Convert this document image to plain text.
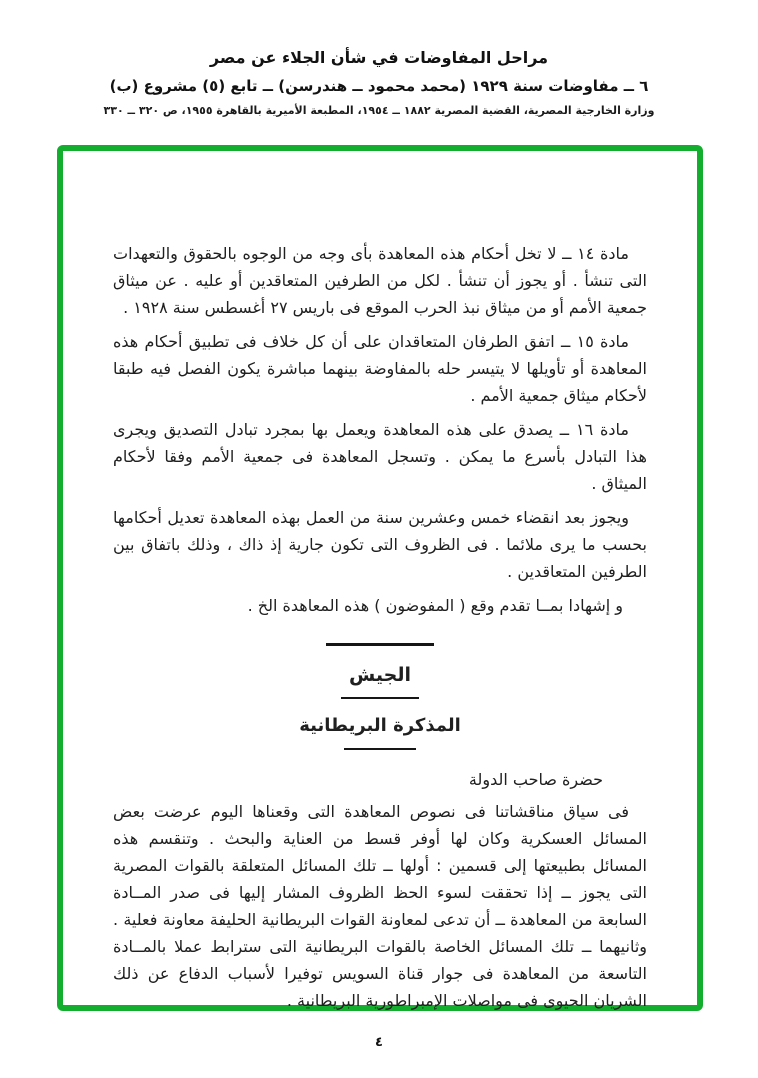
مراحل المفاوضات في شأن الجلاء عن مصر
٦ ــ مفاوضات سنة ١٩٢٩ (محمد محمود ــ هندرسن) ــ تابع (٥) مشروع (ب)
وزارة الخارجية المصرية، القضية المصرية ١٨٨٢ ــ ١٩٥٤، المطبعة الأميرية بالقاهرة ١٩٥٥، ص ٣٢٠ ــ ٣٣٠

مادة ١٤ ــ لا تخل أحكام هذه المعاهدة بأى وجه من الوجوه بالحقوق والتعهدات التى تنشأ . أو يجوز أن تنشأ . لكل من الطرفين المتعاقدين أو عليه . عن ميثاق جمعية الأمم أو من ميثاق نبذ الحرب الموقع فى باريس ٢٧ أغسطس سنة ١٩٢٨ .

مادة ١٥ ــ اتفق الطرفان المتعاقدان على أن كل خلاف فى تطبيق أحكام هذه المعاهدة أو تأويلها لا يتيسر حله بالمفاوضة بينهما مباشرة يكون الفصل فيه طبقا لأحكام ميثاق جمعية الأمم .

مادة ١٦ ــ يصدق على هذه المعاهدة ويعمل بها بمجرد تبادل التصديق ويجرى هذا التبادل بأسرع ما يمكن . وتسجل المعاهدة فى جمعية الأمم وفقا لأحكام الميثاق .

ويجوز بعد انقضاء خمس وعشرين سنة من العمل بهذه المعاهدة تعديل أحكامها بحسب ما يرى ملائما . فى الظروف التى تكون جارية إذ ذاك ، وذلك باتفاق بين الطرفين المتعاقدين .

و إشهادا بمــا تقدم وقع ( المفوضون ) هذه المعاهدة الخ .

الجيش
المذكرة البريطانية

حضرة صاحب الدولة

فى سياق مناقشاتنا فى نصوص المعاهدة التى وقعناها اليوم عرضت بعض المسائل العسكرية وكان لها أوفر قسط من العناية والبحث . وتنقسم هذه المسائل بطبيعتها إلى قسمين : أولها ــ تلك المسائل المتعلقة بالقوات المصرية التى يجوز ــ إذا تحققت لسوء الحظ الظروف المشار إليها فى صدر المــادة السابعة من المعاهدة ــ أن تدعى لمعاونة القوات البريطانية الحليفة معاونة فعلية . وثانيهما ــ تلك المسائل الخاصة بالقوات البريطانية التى سترابط عملا بالمــادة التاسعة من المعاهدة فى جوار قناة السويس توفيرا لأسباب الدفاع عن ذلك الشريان الحيوى فى مواصلات الإمبراطورية البريطانية .

٤
